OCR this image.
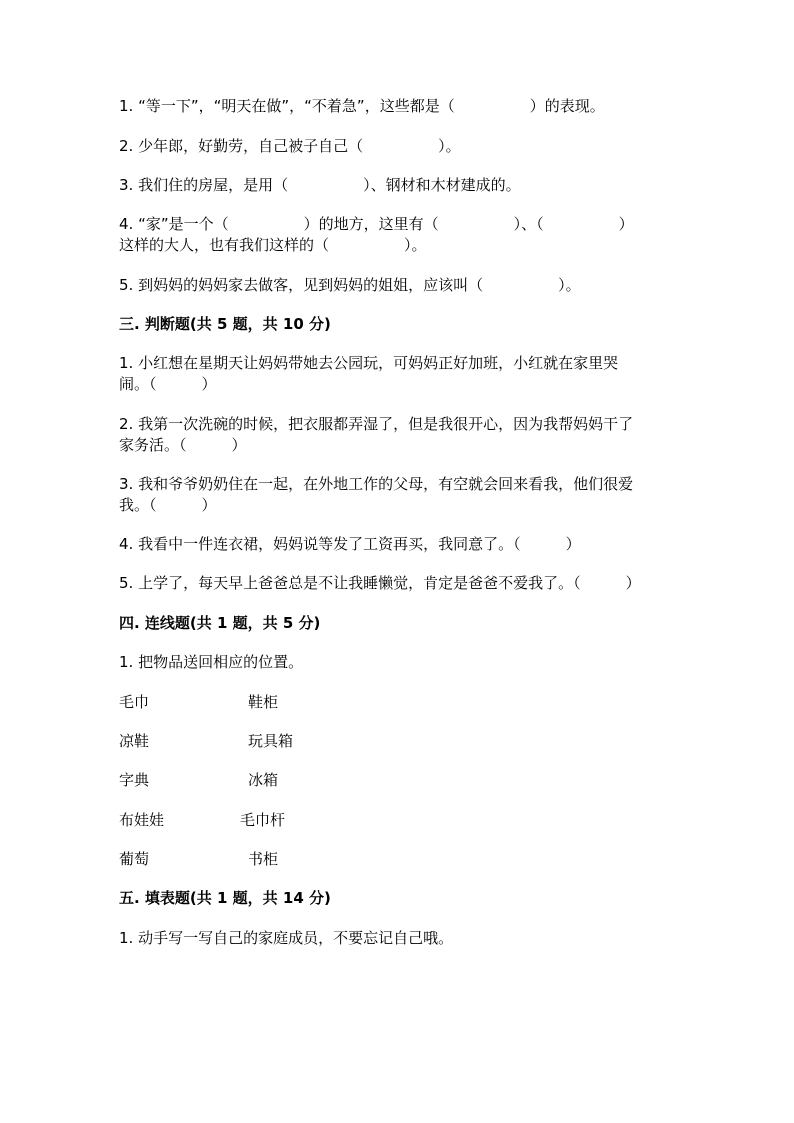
1. “等一下”，“明天在做”，“不着急”，这些都是（　　　　　）的表现。
2. 少年郎，好勤劳，自己被子自己（　　　　　）。
3. 我们住的房屋，是用（　　　　　）、钢材和木材建成的。
4. “家”是一个（　　　　　）的地方，这里有（　　　　　）、（　　　　　）
这样的大人，也有我们这样的（　　　　　）。
5. 到妈妈的妈妈家去做客，见到妈妈的姐姐，应该叫（　　　　　）。
三. 判断题(共 5 题，共 10 分)
1. 小红想在星期天让妈妈带她去公园玩，可妈妈正好加班，小红就在家里哭
闹。（　　　）
2. 我第一次洗碗的时候，把衣服都弄湿了，但是我很开心，因为我帮妈妈干了
家务活。（　　　）
3. 我和爷爷奶奶住在一起，在外地工作的父母，有空就会回来看我，他们很爱
我。（　　　）
4. 我看中一件连衣裙，妈妈说等发了工资再买，我同意了。（　　　）
5. 上学了，每天早上爸爸总是不让我睡懒觉，肯定是爸爸不爱我了。（　　　）
四. 连线题(共 1 题，共 5 分)
1. 把物品送回相应的位置。
毛巾	鞋柜
凉鞋	玩具箱
字典	冰箱
布娃娃	毛巾杆
葡萄	书柜
五. 填表题(共 1 题，共 14 分)
1. 动手写一写自己的家庭成员，不要忘记自己哦。
